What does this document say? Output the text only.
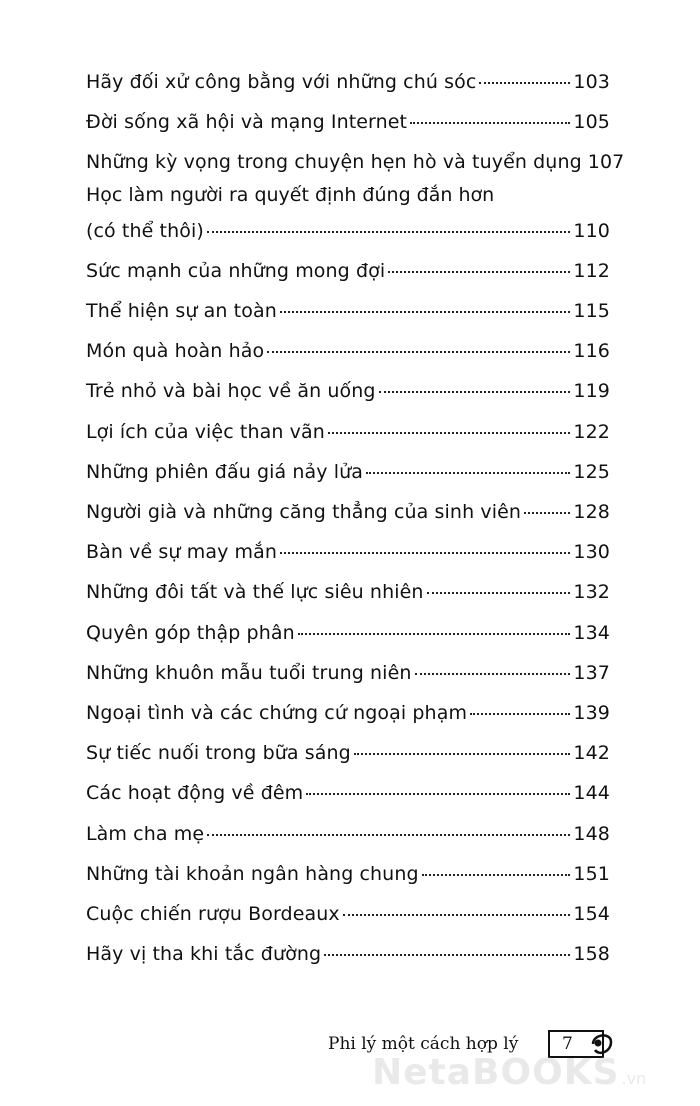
Hãy đối xử công bằng với những chú sóc	103
Đời sống xã hội và mạng Internet	105
Những kỳ vọng trong chuyện hẹn hò và tuyển dụng 107
Học làm người ra quyết định đúng đắn hơn
(có thể thôi)	110
Sức mạnh của những mong đợi	112
Thể hiện sự an toàn	115
Món quà hoàn hảo	116
Trẻ nhỏ và bài học về ăn uống	119
Lợi ích của việc than vãn	122
Những phiên đấu giá nảy lửa	125
Người già và những căng thẳng của sinh viên	128
Bàn về sự may mắn	130
Những đôi tất và thế lực siêu nhiên	132
Quyên góp thập phân	134
Những khuôn mẫu tuổi trung niên	137
Ngoại tình và các chứng cứ ngoại phạm	139
Sự tiếc nuối trong bữa sáng	142
Các hoạt động về đêm	144
Làm cha mẹ	148
Những tài khoản ngân hàng chung	151
Cuộc chiến rượu Bordeaux	154
Hãy vị tha khi tắc đường	158
Phi lý một cách hợp lý	7
NetaBOOKS .vn
